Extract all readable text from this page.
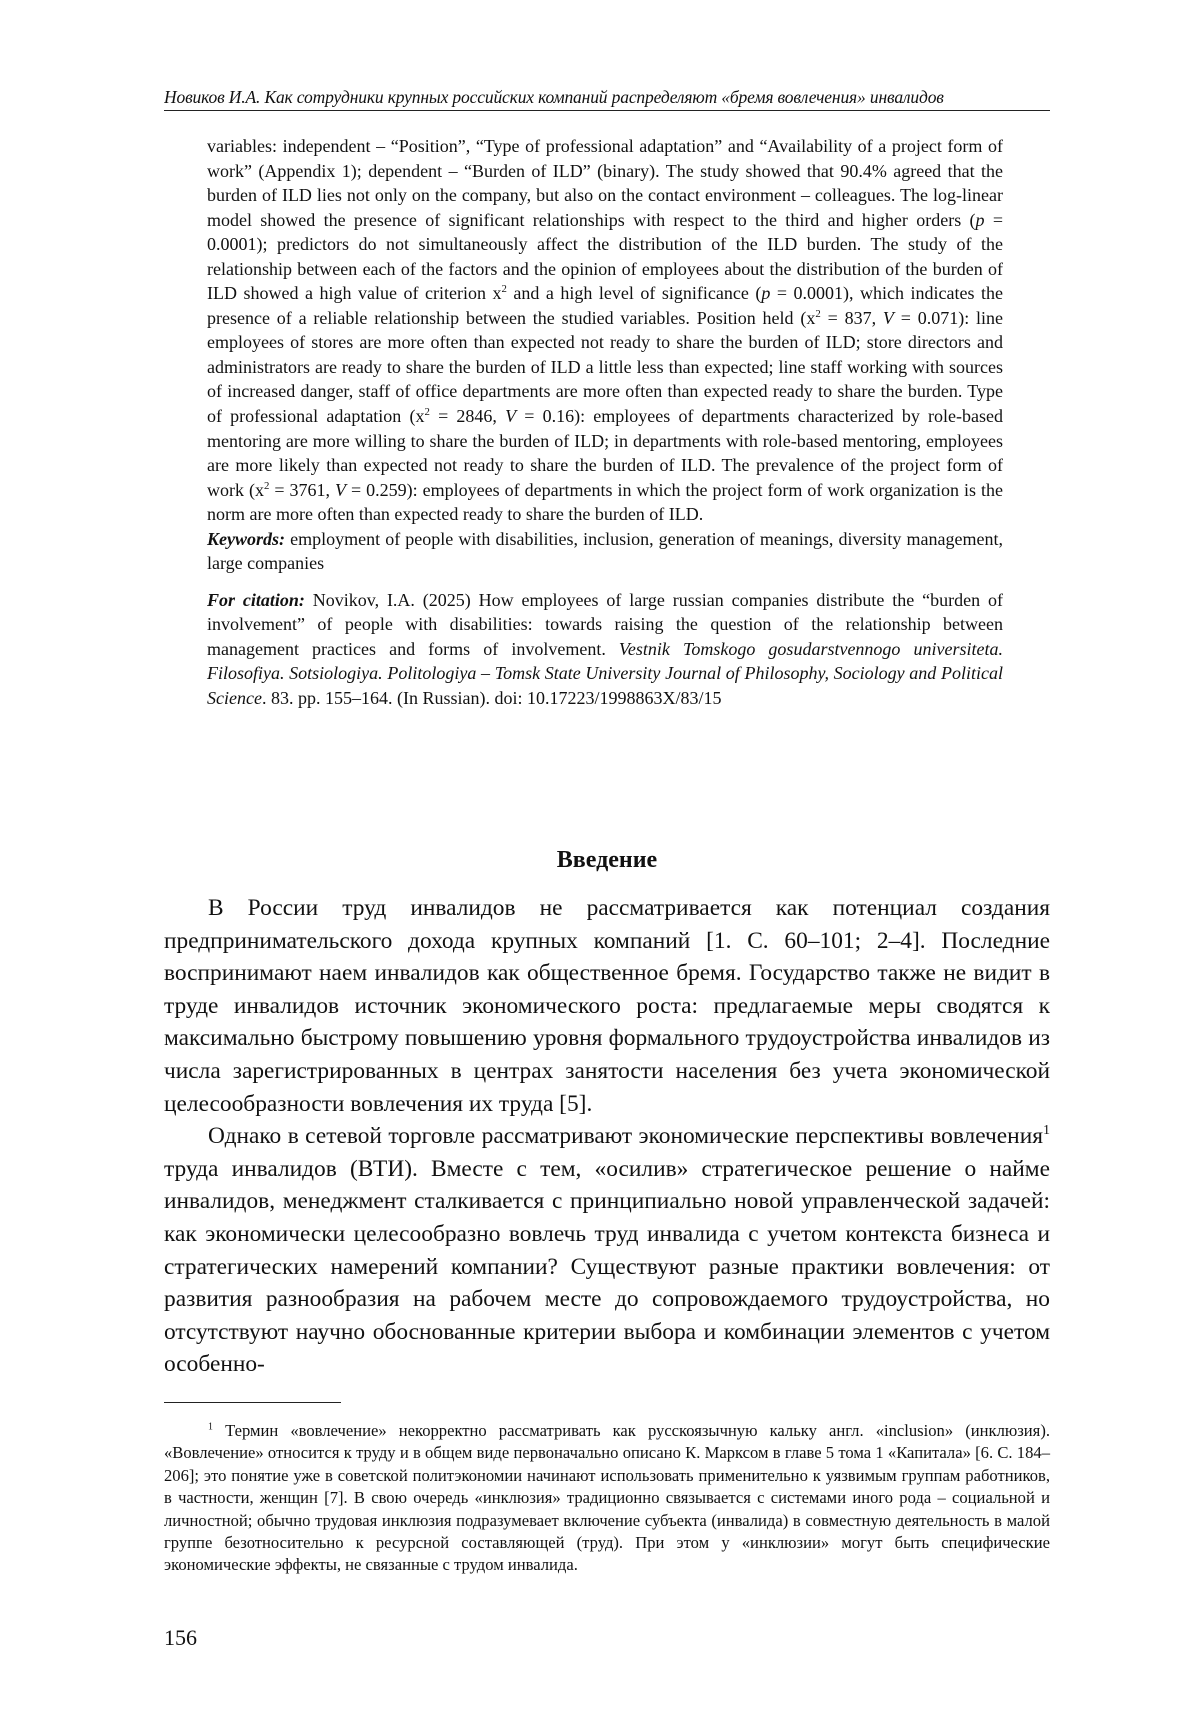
Новиков И.А. Как сотрудники крупных российских компаний распределяют «бремя вовлечения» инвалидов

variables: independent – “Position”, “Type of professional adaptation” and “Availability of a project form of work” (Appendix 1); dependent – “Burden of ILD” (binary). The study showed that 90.4% agreed that the burden of ILD lies not only on the company, but also on the contact environment – colleagues. The log-linear model showed the presence of significant relationships with respect to the third and higher orders (p = 0.0001); predictors do not simultaneously affect the distribution of the ILD burden. The study of the relationship between each of the factors and the opinion of employees about the distribution of the burden of ILD showed a high value of criterion $x^2$ and a high level of significance (p = 0.0001), which indicates the presence of a reliable relationship between the studied variables. Position held ($x^2 = 837$, V = 0.071): line employees of stores are more often than expected not ready to share the burden of ILD; store directors and administrators are ready to share the burden of ILD a little less than expected; line staff working with sources of increased danger, staff of office departments are more often than expected ready to share the burden. Type of professional adaptation ($x^2 = 2846$, V = 0.16): employees of departments characterized by role-based mentoring are more willing to share the burden of ILD; in departments with role-based mentoring, employees are more likely than expected not ready to share the burden of ILD. The prevalence of the project form of work ($x^2 = 3761$, V = 0.259): employees of departments in which the project form of work organization is the norm are more often than expected ready to share the burden of ILD.

Keywords: employment of people with disabilities, inclusion, generation of meanings, diversity management, large companies

For citation: Novikov, I.A. (2025) How employees of large russian companies distribute the “burden of involvement” of people with disabilities: towards raising the question of the relationship between management practices and forms of involvement. Vestnik Tomskogo gosudarstvennogo universiteta. Filosofiya. Sotsiologiya. Politologiya – Tomsk State University Journal of Philosophy, Sociology and Political Science. 83. pp. 155–164. (In Russian). doi: 10.17223/1998863X/83/15

Введение

В России труд инвалидов не рассматривается как потенциал создания предпринимательского дохода крупных компаний [1. С. 60–101; 2–4]. Последние воспринимают наем инвалидов как общественное бремя. Государство также не видит в труде инвалидов источник экономического роста: предлагаемые меры сводятся к максимально быстрому повышению уровня формального трудоустройства инвалидов из числа зарегистрированных в центрах занятости населения без учета экономической целесообразности вовлечения их труда [5].

Однако в сетевой торговле рассматривают экономические перспективы вовлечения$^1$ труда инвалидов (ВТИ). Вместе с тем, «осилив» стратегическое решение о найме инвалидов, менеджмент сталкивается с принципиально новой управленческой задачей: как экономически целесообразно вовлечь труд инвалида с учетом контекста бизнеса и стратегических намерений компании? Существуют разные практики вовлечения: от развития разнообразия на рабочем месте до сопровождаемого трудоустройства, но отсутствуют научно обоснованные критерии выбора и комбинации элементов с учетом особенно-

$^1$ Термин «вовлечение» некорректно рассматривать как русскоязычную кальку англ. «inclusion» (инклюзия). «Вовлечение» относится к труду и в общем виде первоначально описано К. Марксом в главе 5 тома 1 «Капитала» [6. С. 184–206]; это понятие уже в советской политэкономии начинают использовать применительно к уязвимым группам работников, в частности, женщин [7]. В свою очередь «инклюзия» традиционно связывается с системами иного рода – социальной и личностной; обычно трудовая инклюзия подразумевает включение субъекта (инвалида) в совместную деятельность в малой группе безотносительно к ресурсной составляющей (труд). При этом у «инклюзии» могут быть специфические экономические эффекты, не связанные с трудом инвалида.

156
